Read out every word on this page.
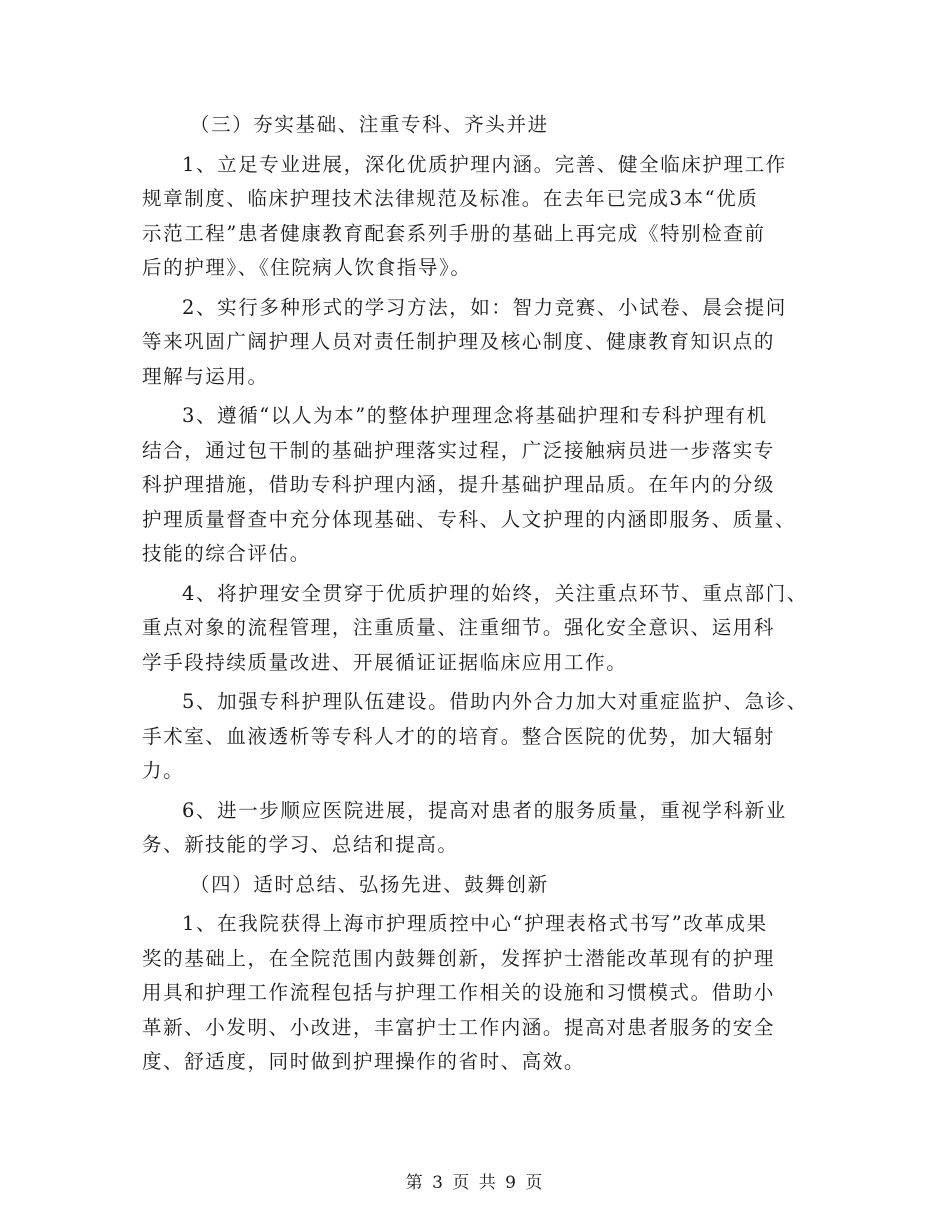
（三）夯实基础、注重专科、齐头并进
1、立足专业进展，深化优质护理内涵。完善、健全临床护理工作
规章制度、临床护理技术法律规范及标准。在去年已完成3本“优质
示范工程”患者健康教育配套系列手册的基础上再完成《特别检查前
后的护理》、《住院病人饮食指导》。
2、实行多种形式的学习方法，如：智力竞赛、小试卷、晨会提问
等来巩固广阔护理人员对责任制护理及核心制度、健康教育知识点的
理解与运用。
3、遵循“以人为本”的整体护理理念将基础护理和专科护理有机
结合，通过包干制的基础护理落实过程，广泛接触病员进一步落实专
科护理措施，借助专科护理内涵，提升基础护理品质。在年内的分级
护理质量督查中充分体现基础、专科、人文护理的内涵即服务、质量、
技能的综合评估。
4、将护理安全贯穿于优质护理的始终，关注重点环节、重点部门、
重点对象的流程管理，注重质量、注重细节。强化安全意识、运用科
学手段持续质量改进、开展循证证据临床应用工作。
5、加强专科护理队伍建设。借助内外合力加大对重症监护、急诊、
手术室、血液透析等专科人才的的培育。整合医院的优势，加大辐射
力。
6、进一步顺应医院进展，提高对患者的服务质量，重视学科新业
务、新技能的学习、总结和提高。
（四）适时总结、弘扬先进、鼓舞创新
1、在我院获得上海市护理质控中心“护理表格式书写”改革成果
奖的基础上，在全院范围内鼓舞创新，发挥护士潜能改革现有的护理
用具和护理工作流程包括与护理工作相关的设施和习惯模式。借助小
革新、小发明、小改进，丰富护士工作内涵。提高对患者服务的安全
度、舒适度，同时做到护理操作的省时、高效。
第 3 页 共 9 页
